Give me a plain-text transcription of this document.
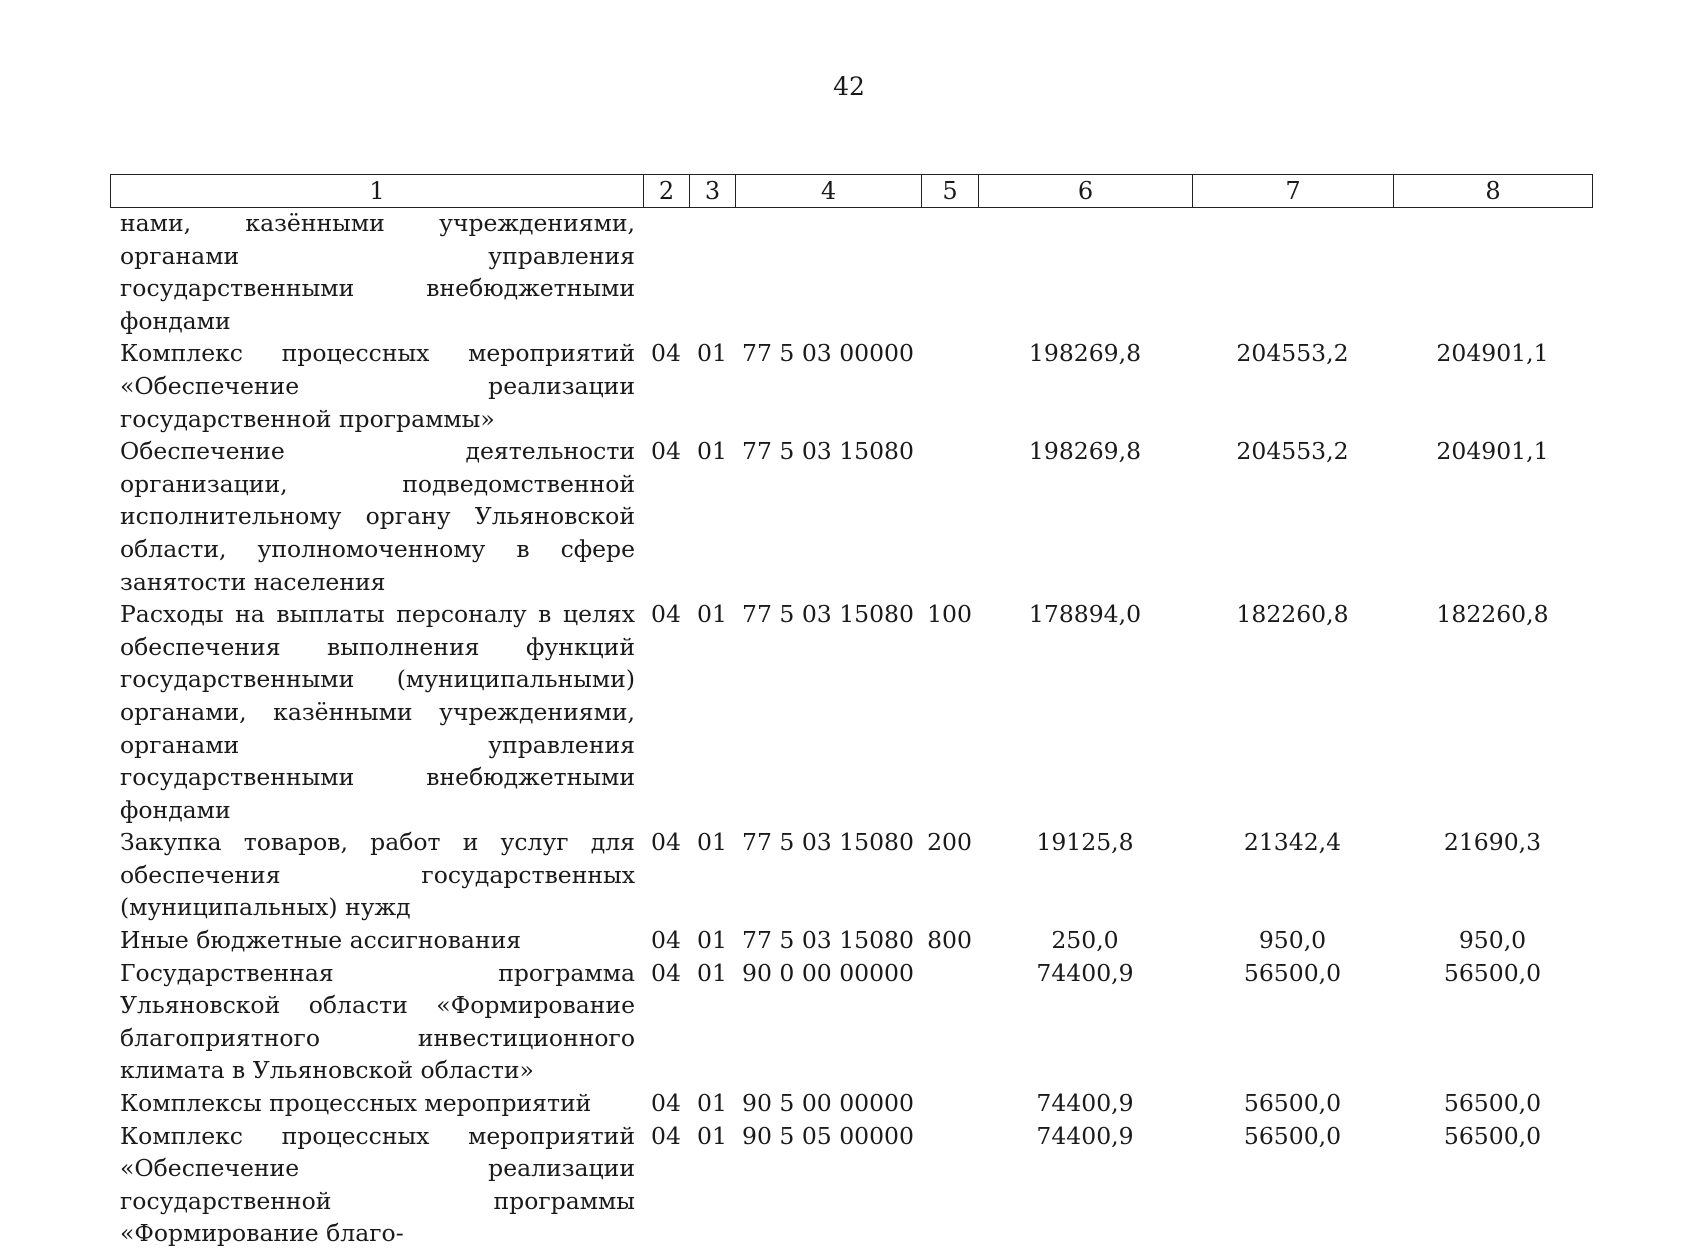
42
1	2	3	4	5	6	7	8
нами, казёнными учреждениями, органами управления государственными внебюджетными фондами							
Комплекс процессных мероприятий «Обеспечение реализации государственной программы»	04	01	77 5 03 00000		198269,8	204553,2	204901,1
Обеспечение деятельности организации, подведомственной исполнительному органу Ульяновской области, уполномоченному в сфере занятости населения	04	01	77 5 03 15080		198269,8	204553,2	204901,1
Расходы на выплаты персоналу в целях обеспечения выполнения функций государственными (муниципальными) органами, казёнными учреждениями, органами управления государственными внебюджетными фондами	04	01	77 5 03 15080	100	178894,0	182260,8	182260,8
Закупка товаров, работ и услуг для обеспечения государственных (муниципальных) нужд	04	01	77 5 03 15080	200	19125,8	21342,4	21690,3
Иные бюджетные ассигнования	04	01	77 5 03 15080	800	250,0	950,0	950,0
Государственная программа Ульяновской области «Формирование благоприятного инвестиционного климата в Ульяновской области»	04	01	90 0 00 00000		74400,9	56500,0	56500,0
Комплексы процессных мероприятий	04	01	90 5 00 00000		74400,9	56500,0	56500,0
Комплекс процессных мероприятий «Обеспечение реализации государственной программы «Формирование благо-	04	01	90 5 05 00000		74400,9	56500,0	56500,0
